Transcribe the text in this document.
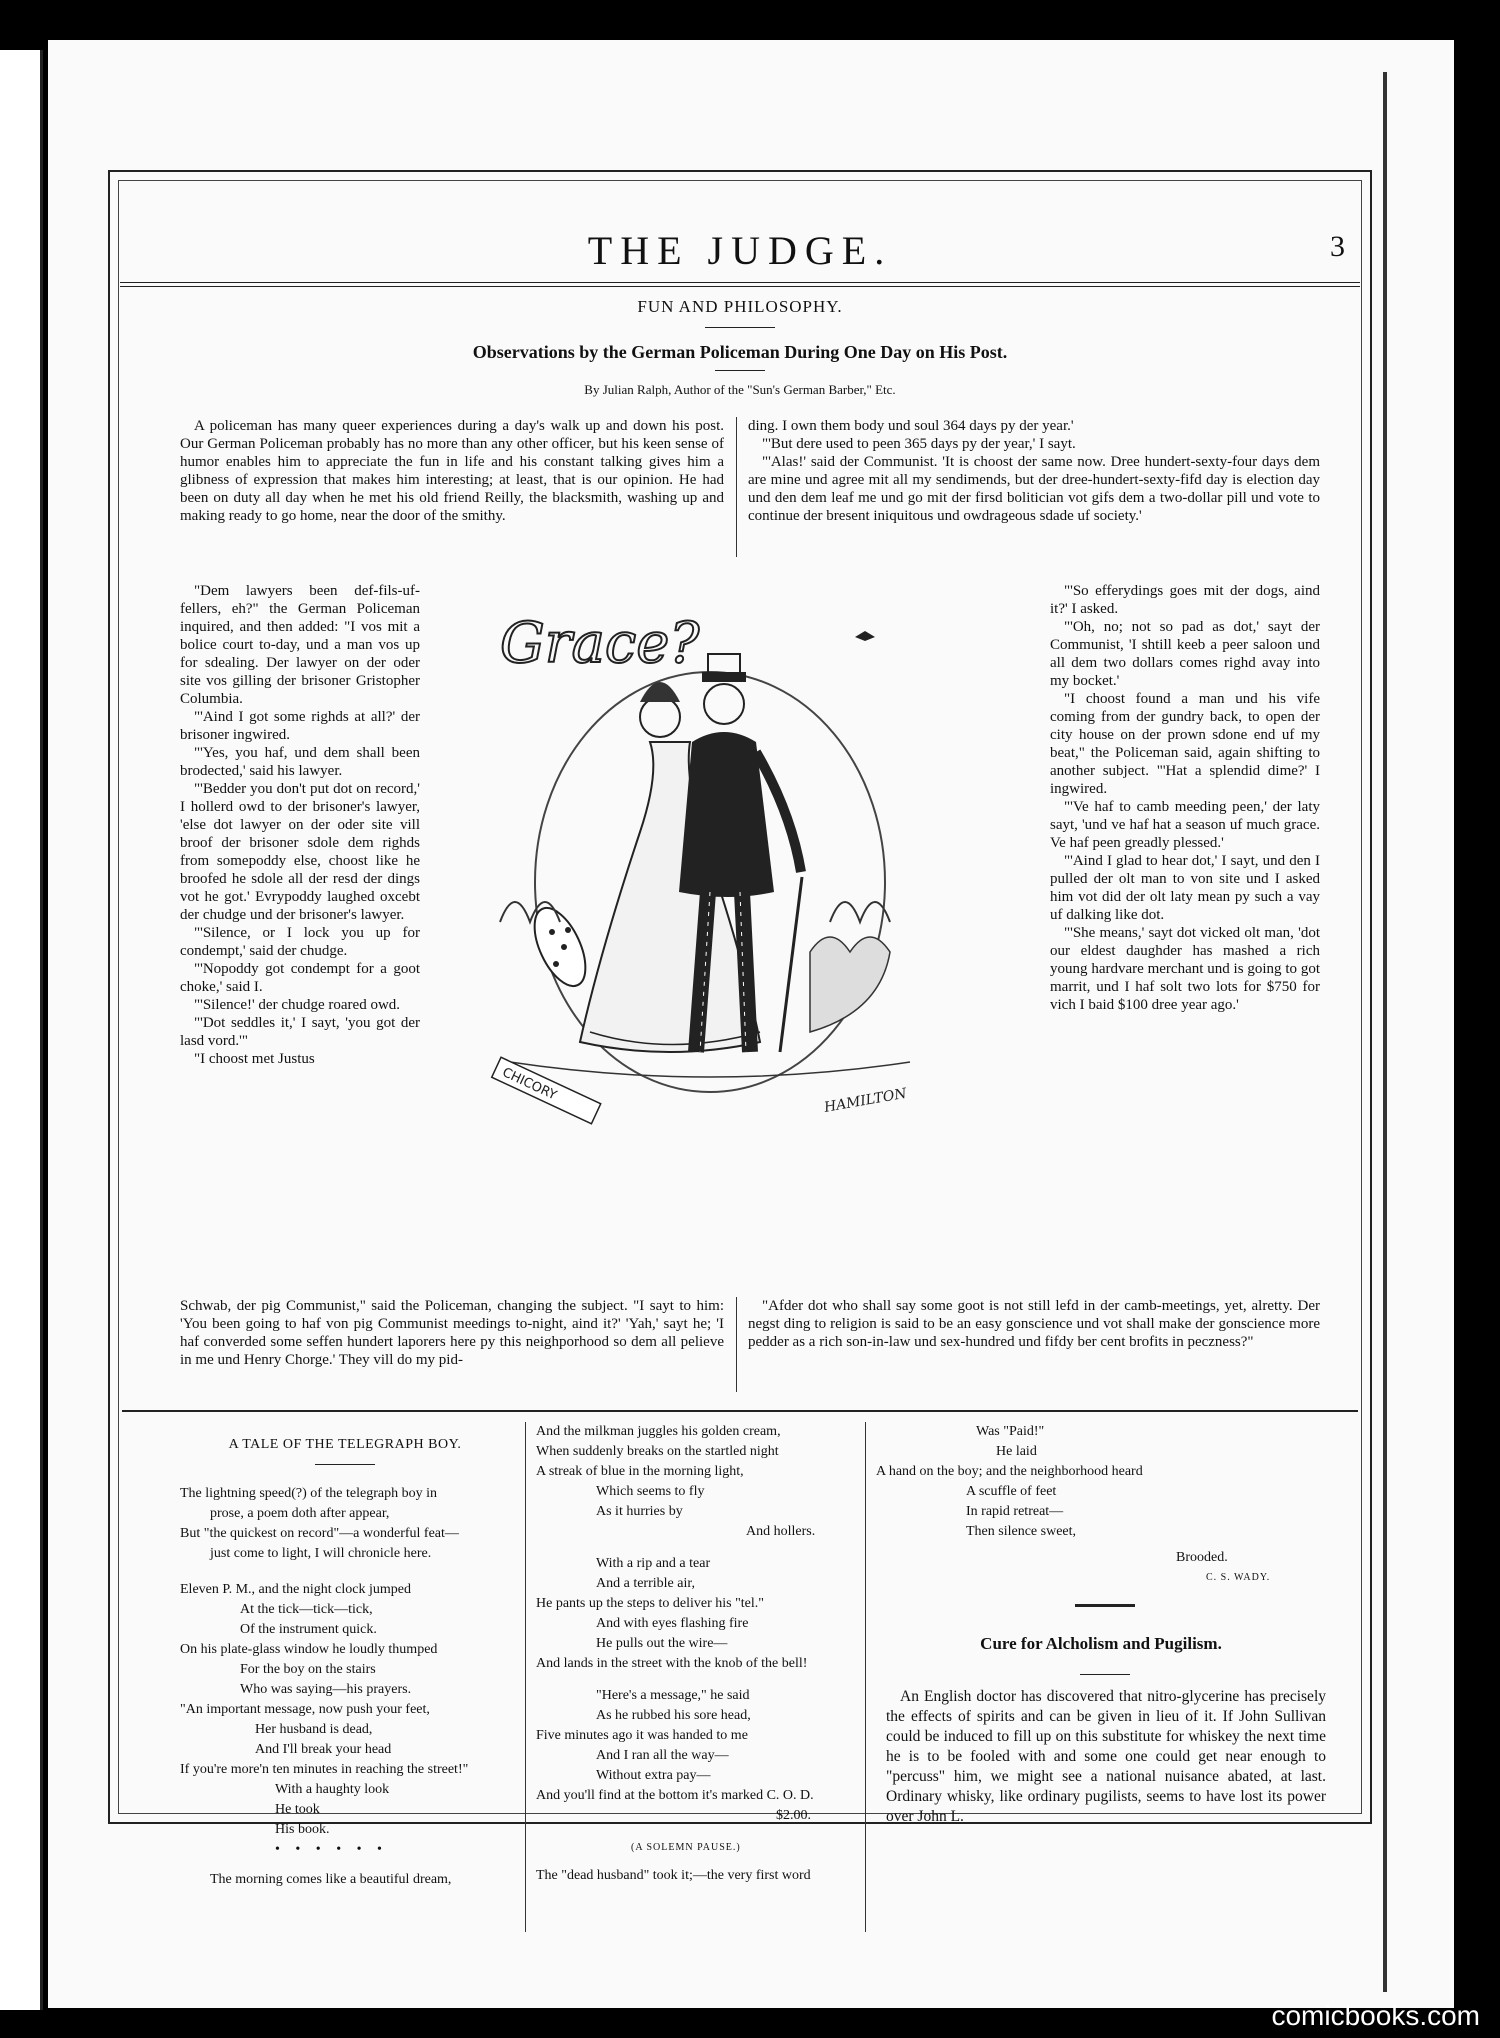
THE JUDGE.	3
FUN AND PHILOSOPHY.
Observations by the German Policeman During One Day on His Post.
By Julian Ralph, Author of the "Sun's German Barber," Etc.

A policeman has many queer experiences during a day's walk up and down his post. Our German Policeman probably has no more than any other officer, but his keen sense of humor enables him to appreciate the fun in life and his constant talking gives him a glibness of expression that makes him interesting; at least, that is our opinion. He had been on duty all day when he met his old friend Reilly, the blacksmith, washing up and making ready to go home, near the door of the smithy.

ding. I own them body und soul 364 days py der year.'

"'But dere used to peen 365 days py der year,' I sayt.

"'Alas!' said der Communist. 'It is choost der same now. Dree hundert-sexty-four days dem are mine und agree mit all my sendimends, but der dree-hundert-sexty-fifd day is election day und den dem leaf me und go mit der firsd bolitician vot gifs dem a two-dollar pill und vote to continue der bresent iniquitous und owdrageous sdade uf society.'

"Dem lawyers been def-fils-uf-fellers, eh?" the German Policeman inquired, and then added: "I vos mit a bolice court to-day, und a man vos up for sdealing. Der lawyer on der oder site vos gilling der brisoner Gristopher Columbia.

"'Aind I got some righds at all?' der brisoner ingwired.

"'Yes, you haf, und dem shall been brodected,' said his lawyer.

"'Bedder you don't put dot on record,' I hollerd owd to der brisoner's lawyer, 'else dot lawyer on der oder site vill broof der brisoner sdole dem righds from somepoddy else, choost like he broofed he sdole all der resd der dings vot he got.' Evrypoddy laughed oxcebt der chudge und der brisoner's lawyer.

"'Silence, or I lock you up for condempt,' said der chudge.

"'Nopoddy got condempt for a goot choke,' said I.

"'Silence!' der chudge roared owd.

"'Dot seddles it,' I sayt, 'you got der lasd vord.'"

"I choost met Justus

Grace?
CHICORY	HAMILTON

"'So efferydings goes mit der dogs, aind it?' I asked.

"'Oh, no; not so pad as dot,' sayt der Communist, 'I shtill keeb a peer saloon und all dem two dollars comes righd avay into my bocket.'

"I choost found a man und his vife coming from der gundry back, to open der city house on der prown sdone end uf my beat," the Policeman said, again shifting to another subject. "'Hat a splendid dime?' I ingwired.

"'Ve haf to camb meeding peen,' der laty sayt, 'und ve haf hat a season uf much grace. Ve haf peen greadly plessed.'

"'Aind I glad to hear dot,' I sayt, und den I pulled der olt man to von site und I asked him vot did der olt laty mean py such a vay uf dalking like dot.

"'She means,' sayt dot vicked olt man, 'dot our eldest daughder has mashed a rich young hardvare merchant und is going to got marrit, und I haf solt two lots for $750 for vich I baid $100 dree year ago.'

Schwab, der pig Communist," said the Policeman, changing the subject. "I sayt to him: 'You been going to haf von pig Communist meedings to-night, aind it?' 'Yah,' sayt he; 'I haf converded some seffen hundert laporers here py this neighporhood so dem all pelieve in me und Henry Chorge.' They vill do my pid-

"Afder dot who shall say some goot is not still lefd in der camb-meetings, yet, alretty. Der negst ding to religion is said to be an easy gonscience und vot shall make der gonscience more pedder as a rich son-in-law und sex-hundred und fifdy ber cent brofits in peczness?"

A TALE OF THE TELEGRAPH BOY.
The lightning speed(?) of the telegraph boy in
prose, a poem doth after appear,
But "the quickest on record"—a wonderful feat—
just come to light, I will chronicle here.
Eleven P. M., and the night clock jumped
At the tick—tick—tick,
Of the instrument quick.
On his plate-glass window he loudly thumped
For the boy on the stairs
Who was saying—his prayers.
"An important message, now push your feet,
Her husband is dead,
And I'll break your head
If you're more'n ten minutes in reaching the street!"
With a haughty look
He took
His book.
• • • • • •
The morning comes like a beautiful dream,
And the milkman juggles his golden cream,
When suddenly breaks on the startled night
A streak of blue in the morning light,
Which seems to fly
As it hurries by
And hollers.
With a rip and a tear
And a terrible air,
He pants up the steps to deliver his "tel."
And with eyes flashing fire
He pulls out the wire—
And lands in the street with the knob of the bell!
"Here's a message," he said
As he rubbed his sore head,
Five minutes ago it was handed to me
And I ran all the way—
Without extra pay—
And you'll find at the bottom it's marked C. O. D.
$2.00.
(A SOLEMN PAUSE.)
The "dead husband" took it;—the very first word
Was "Paid!"
He laid
A hand on the boy; and the neighborhood heard
A scuffle of feet
In rapid retreat—
Then silence sweet,
Brooded.
C. S. WADY.
Cure for Alcholism and Pugilism.

An English doctor has discovered that nitro-glycerine has precisely the effects of spirits and can be given in lieu of it. If John Sullivan could be induced to fill up on this substitute for whiskey the next time he is to be fooled with and some one could get near enough to "percuss" him, we might see a national nuisance abated, at last. Ordinary whisky, like ordinary pugilists, seems to have lost its power over John L.

comicbooks.com
